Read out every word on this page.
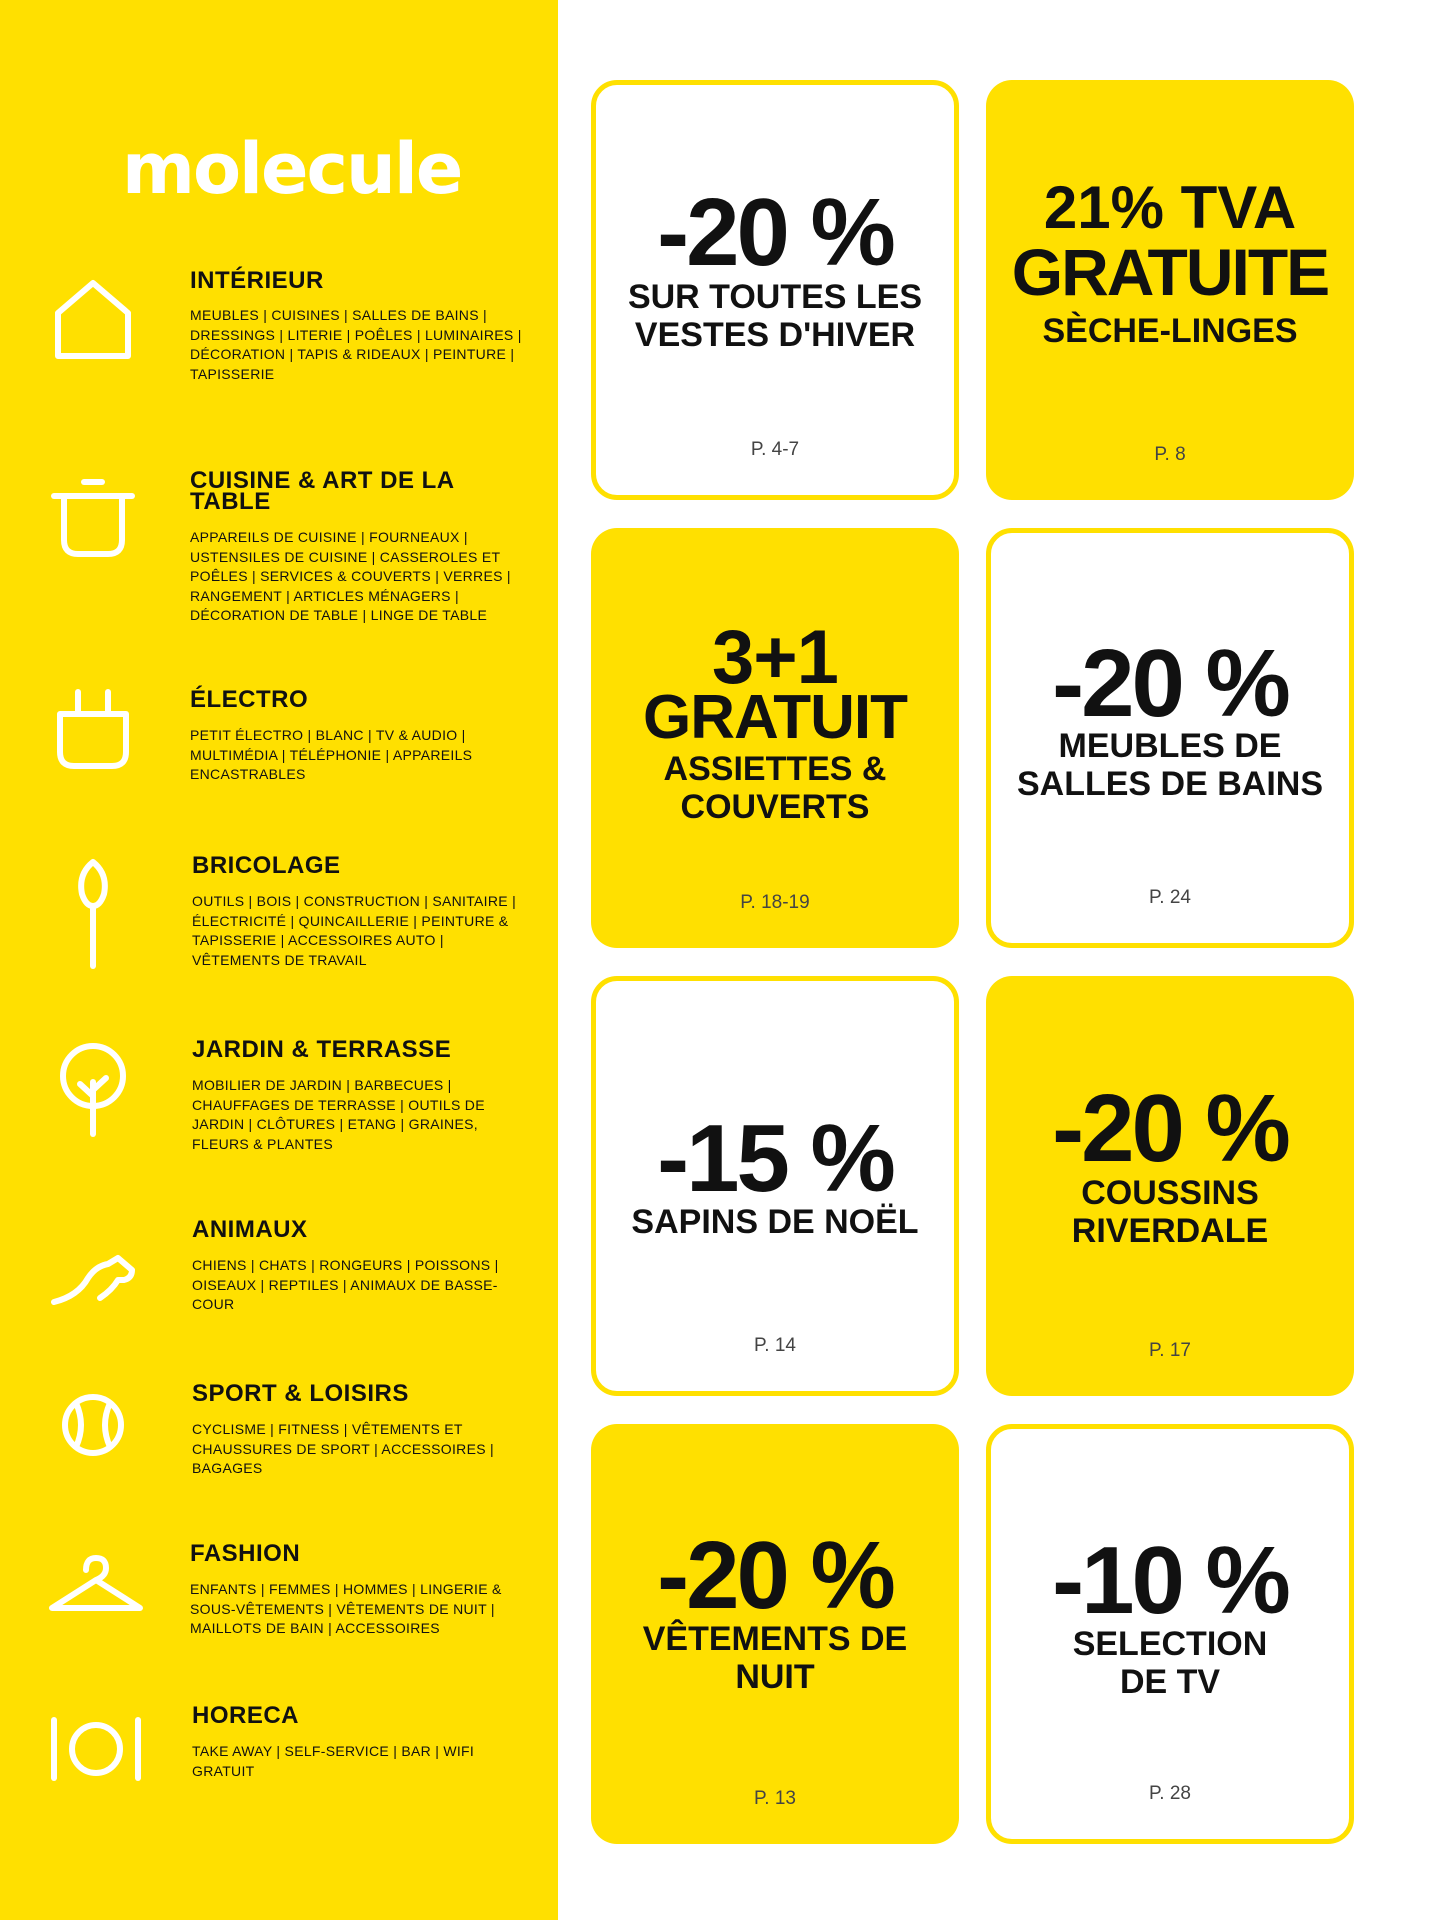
molecule
INTÉRIEUR
MEUBLES | CUISINES | SALLES DE BAINS | DRESSINGS | LITERIE | POÊLES | LUMINAIRES | DÉCORATION | TAPIS & RIDEAUX | PEINTURE | TAPISSERIE
CUISINE & ART DE LA TABLE
APPAREILS DE CUISINE | FOURNEAUX | USTENSILES DE CUISINE | CASSEROLES ET POÊLES | SERVICES & COUVERTS | VERRES | RANGEMENT | ARTICLES MÉNAGERS | DÉCORATION DE TABLE | LINGE DE TABLE
ÉLECTRO
PETIT ÉLECTRO | BLANC | TV & AUDIO | MULTIMÉDIA | TÉLÉPHONIE | APPAREILS ENCASTRABLES
BRICOLAGE
OUTILS | BOIS | CONSTRUCTION | SANITAIRE | ÉLECTRICITÉ | QUINCAILLERIE | PEINTURE & TAPISSERIE | ACCESSOIRES AUTO | VÊTEMENTS DE TRAVAIL
JARDIN & TERRASSE
MOBILIER DE JARDIN | BARBECUES | CHAUFFAGES DE TERRASSE | OUTILS DE JARDIN | CLÔTURES | ETANG | GRAINES, FLEURS & PLANTES
ANIMAUX
CHIENS | CHATS | RONGEURS | POISSONS | OISEAUX | REPTILES | ANIMAUX DE BASSE-COUR
SPORT & LOISIRS
CYCLISME | FITNESS | VÊTEMENTS ET CHAUSSURES DE SPORT | ACCESSOIRES | BAGAGES
FASHION
ENFANTS | FEMMES | HOMMES | LINGERIE & SOUS-VÊTEMENTS | VÊTEMENTS DE NUIT | MAILLOTS DE BAIN | ACCESSOIRES
HORECA
TAKE AWAY | SELF-SERVICE | BAR | WIFI GRATUIT
-20 %
SUR TOUTES LES
VESTES D'HIVER
P. 4-7
21% TVA
GRATUITE
SÈCHE-LINGES
P. 8
3+1
GRATUIT
ASSIETTES &
COUVERTS
P. 18-19
-20 %
MEUBLES DE
SALLES DE BAINS
P. 24
-15 %
SAPINS DE NOËL
P. 14
-20 %
COUSSINS
RIVERDALE
P. 17
-20 %
VÊTEMENTS DE
NUIT
P. 13
-10 %
SELECTION
DE TV
P. 28
